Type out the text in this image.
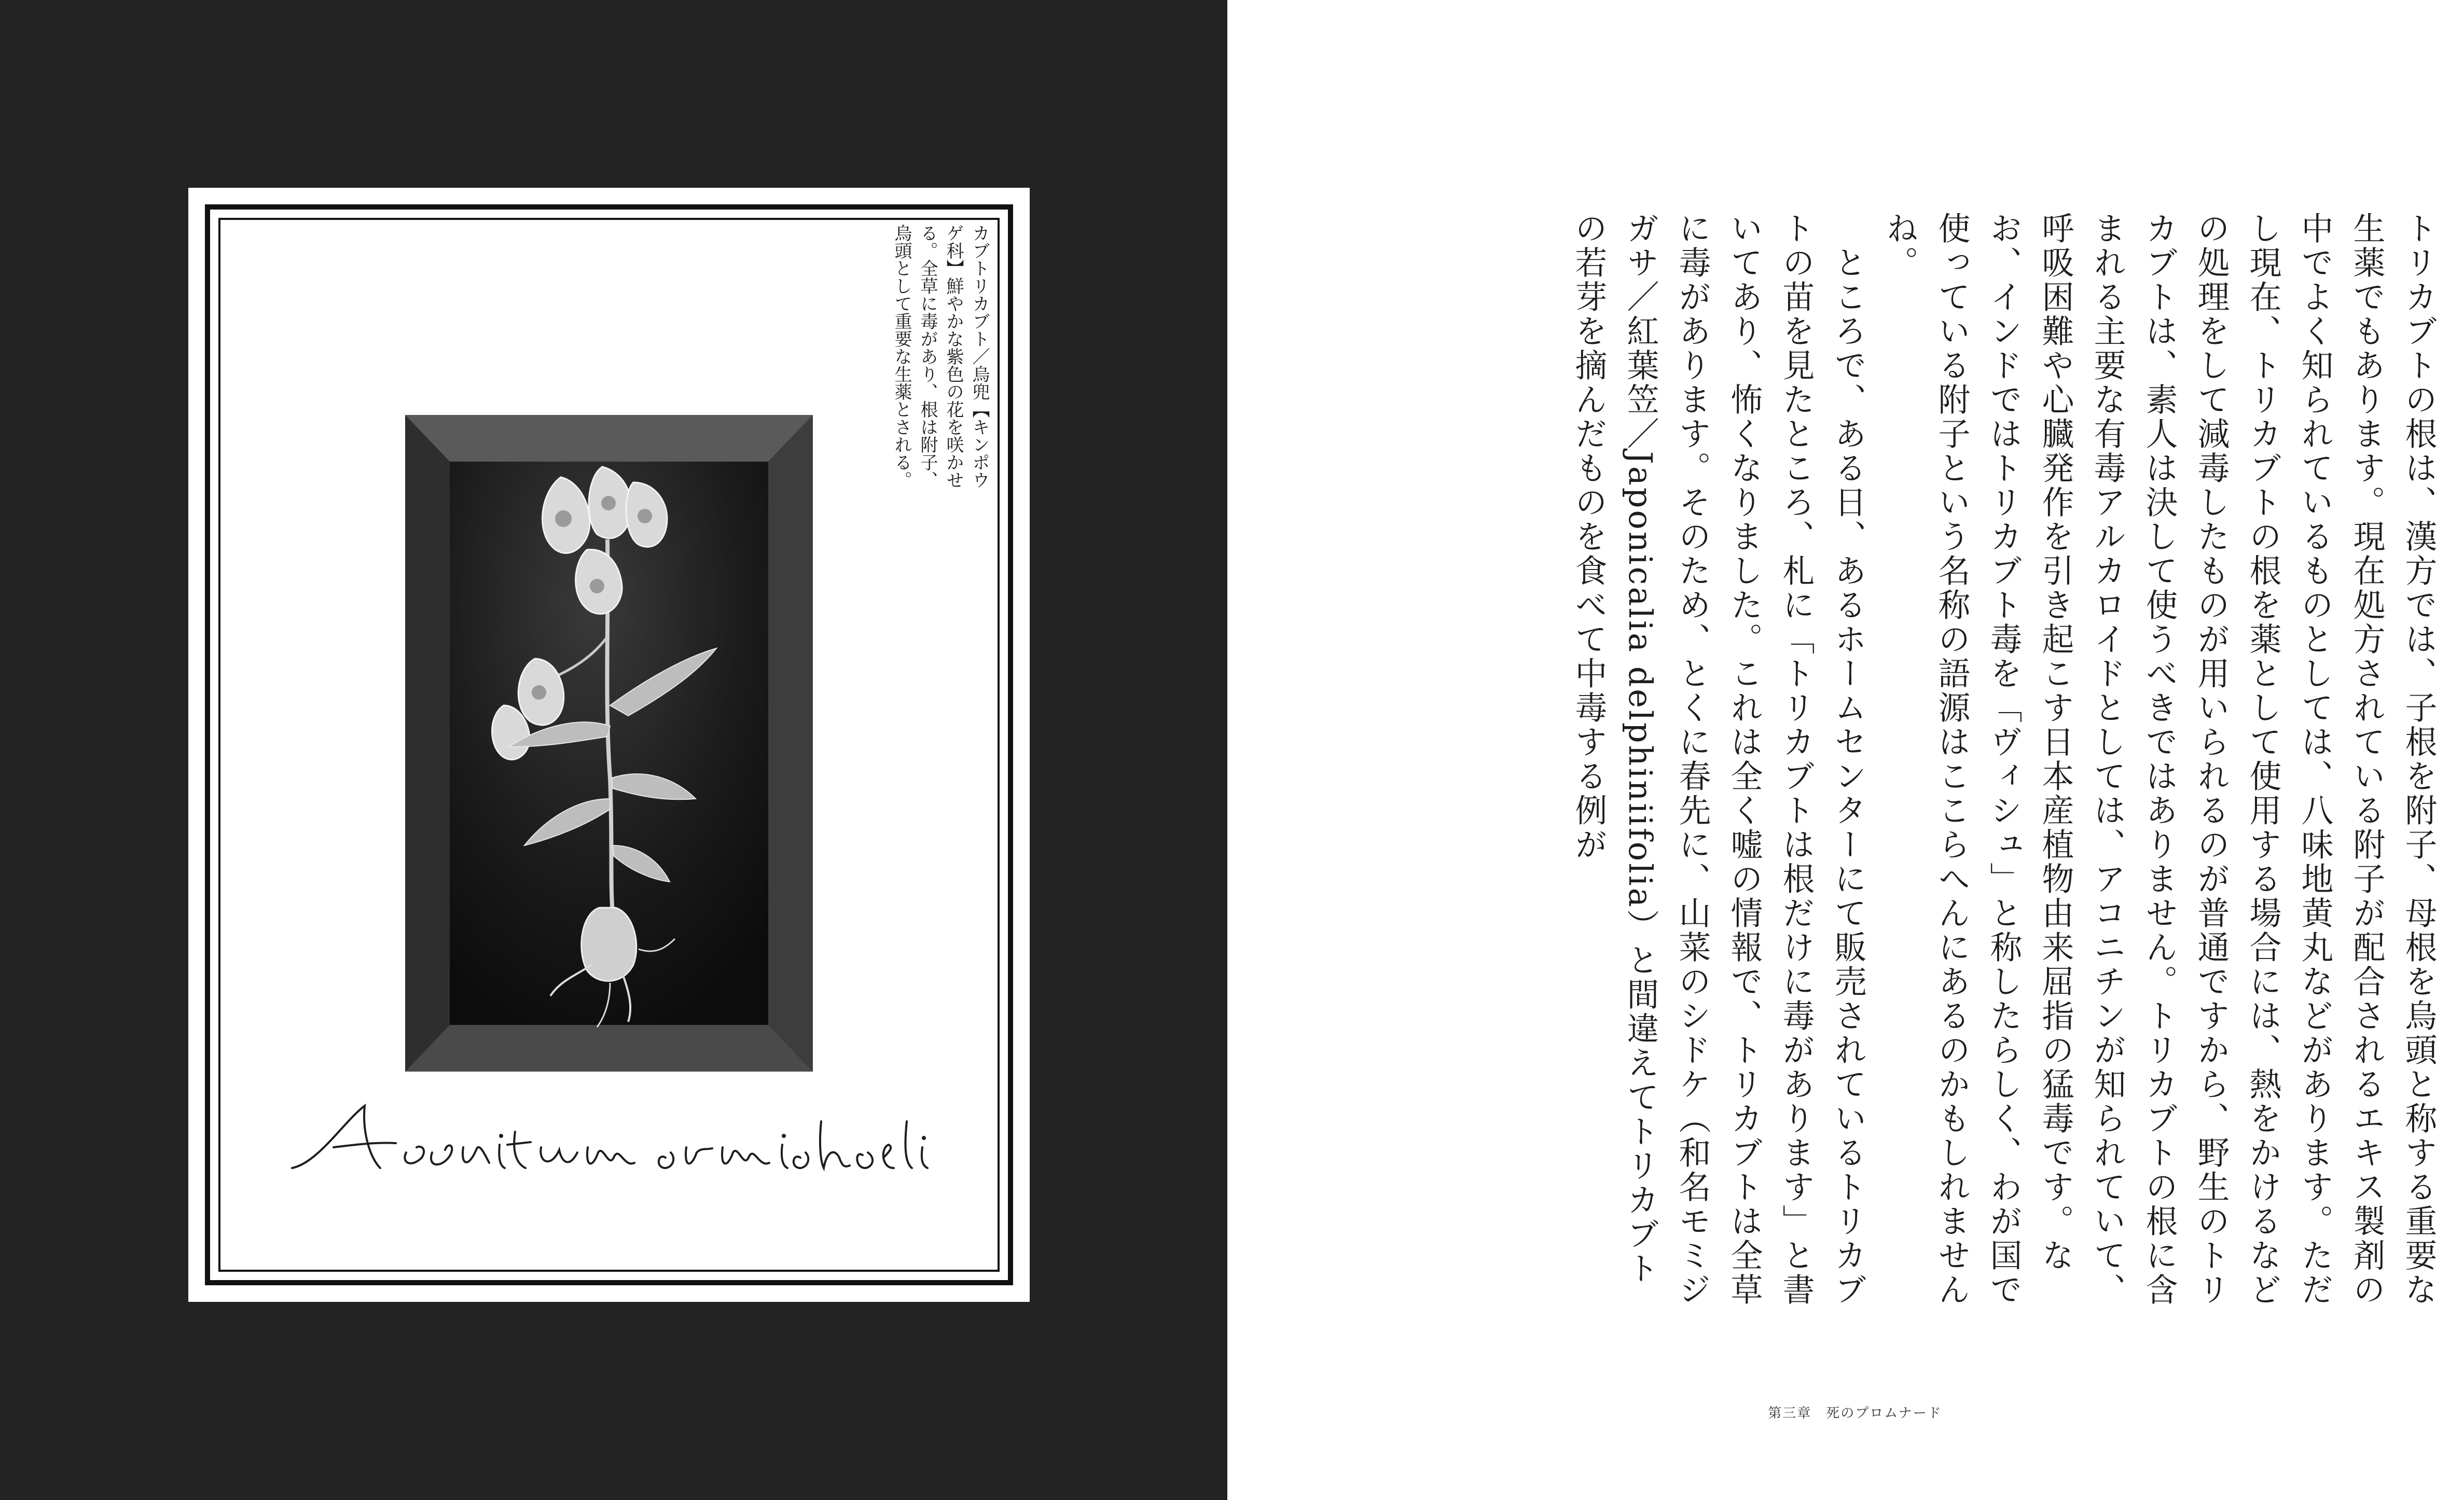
カブトリカブト／烏兜【キンポウ
ゲ科】鮮やかな紫色の花を咲かせ
る。全草に毒があり、根は附子、
烏頭として重要な生薬とされる。	トリカブトの根は、漢方では、子根を附子、母根を烏頭と称する重要な生薬でもあります。現在処方されている附子が配合されるエキス製剤の中でよく知られているものとしては、八味地黄丸などがあります。ただし現在、トリカブトの根を薬として使用する場合には、熱をかけるなどの処理をして減毒したものが用いられるのが普通ですから、野生のトリカブトは、素人は決して使うべきではありません。トリカブトの根に含まれる主要な有毒アルカロイドとしては、アコニチンが知られていて、呼吸困難や心臓発作を引き起こす日本産植物由来屈指の猛毒です。なお、インドではトリカブト毒を「ヴィシュ」と称したらしく、わが国で使っている附子という名称の語源はここらへんにあるのかもしれませんね。
　ところで、ある日、あるホームセンターにて販売されているトリカブトの苗を見たところ、札に「トリカブトは根だけに毒があります」と書いてあり、怖くなりました。これは全く嘘の情報で、トリカブトは全草に毒があります。そのため、とくに春先に、山菜のシドケ（和名モミジガサ／紅葉笠／Japonicalia delphiniifolia）と間違えてトリカブトの若芽を摘んだものを食べて中毒する例が
第三章　死のプロムナード
